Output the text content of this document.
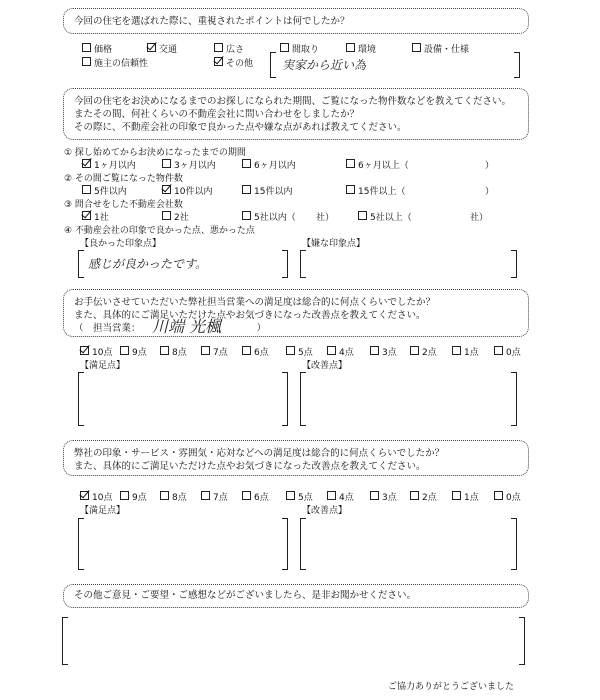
今回の住宅を選ばれた際に、重視されたポイントは何でしたか？
価格	交通	広さ	間取り	環境	設備・仕様
施主の信頼性	その他 実家から近い為
今回の住宅をお決めになるまでのお探しになられた期間、ご覧になった物件数などを教えてください。
またその間、何社くらいの不動産会社に問い合わせをしましたか？
その際に、不動産会社の印象で良かった点や嫌な点があれば教えてください。
① 探し始めてからお決めになったまでの期間
1ヶ月以内	3ヶ月以内	6ヶ月以内	6ヶ月以上（	）
② その間ご覧になった物件数
5件以内	10件以内	15件以内	15件以上（	）
③ 問合せをした不動産会社数
1社	2社	5社以内（ 社）	5社以上（	社）
④ 不動産会社の印象で良かった点、悪かった点
【良かった印象点】	【嫌な印象点】
感じが良かったです。
お手伝いさせていただいた弊社担当営業への満足度は総合的に何点くらいでしたか？
また、具体的にご満足いただけた点やお気づきになった改善点を教えてください。
（　担当営業：	）
川端 光楓
10点	9点	8点	7点	6点	5点	4点	3点	2点	1点	0点
【満足点】	【改善点】
弊社の印象・サービス・雰囲気・応対などへの満足度は総合的に何点くらいでしたか？
また、具体的にご満足いただけた点やお気づきになった改善点を教えてください。
10点	9点	8点	7点	6点	5点	4点	3点	2点	1点	0点
【満足点】	【改善点】
その他ご意見・ご要望・ご感想などがございましたら、是非お聞かせください。
ご協力ありがとうございました
